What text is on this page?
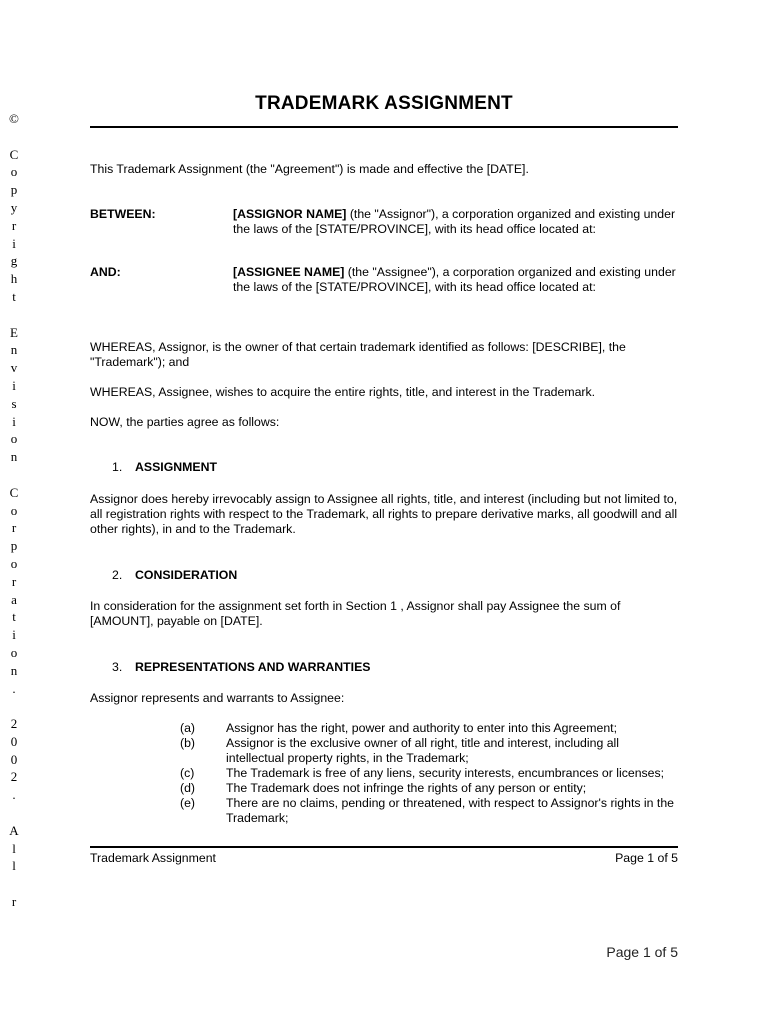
©
C
o
p
y
r
i
g
h
t
E
n
v
i
s
i
o
n
C
o
r
p
o
r
a
t
i
o
n
.
2
0
0
2
.
A
l
l
r
TRADEMARK ASSIGNMENT
This Trademark Assignment (the "Agreement") is made and effective the [DATE].
BETWEEN:	[ASSIGNOR NAME] (the "Assignor"), a corporation organized and existing under the laws of the [STATE/PROVINCE], with its head office located at:
AND:	[ASSIGNEE NAME] (the "Assignee"), a corporation organized and existing under the laws of the [STATE/PROVINCE], with its head office located at:
WHEREAS, Assignor, is the owner of that certain trademark identified as follows: [DESCRIBE], the "Trademark"); and
WHEREAS, Assignee, wishes to acquire the entire rights, title, and interest in the Trademark.
NOW, the parties agree as follows:
1.	ASSIGNMENT
Assignor does hereby irrevocably assign to Assignee all rights, title, and interest (including but not limited to, all registration rights with respect to the Trademark, all rights to prepare derivative marks, all goodwill and all other rights), in and to the Trademark.
2.	CONSIDERATION
In consideration for the assignment set forth in Section 1 , Assignor shall pay Assignee the sum of [AMOUNT], payable on [DATE].
3.	REPRESENTATIONS AND WARRANTIES
Assignor represents and warrants to Assignee:
(a)	Assignor has the right, power and authority to enter into this Agreement;
(b)	Assignor is the exclusive owner of all right, title and interest, including all intellectual property rights, in the Trademark;
(c)	The Trademark is free of any liens, security interests, encumbrances or licenses;
(d)	The Trademark does not infringe the rights of any person or entity;
(e)	There are no claims, pending or threatened, with respect to Assignor's rights in the Trademark;
Trademark Assignment	Page 1 of 5
Page 1 of 5
